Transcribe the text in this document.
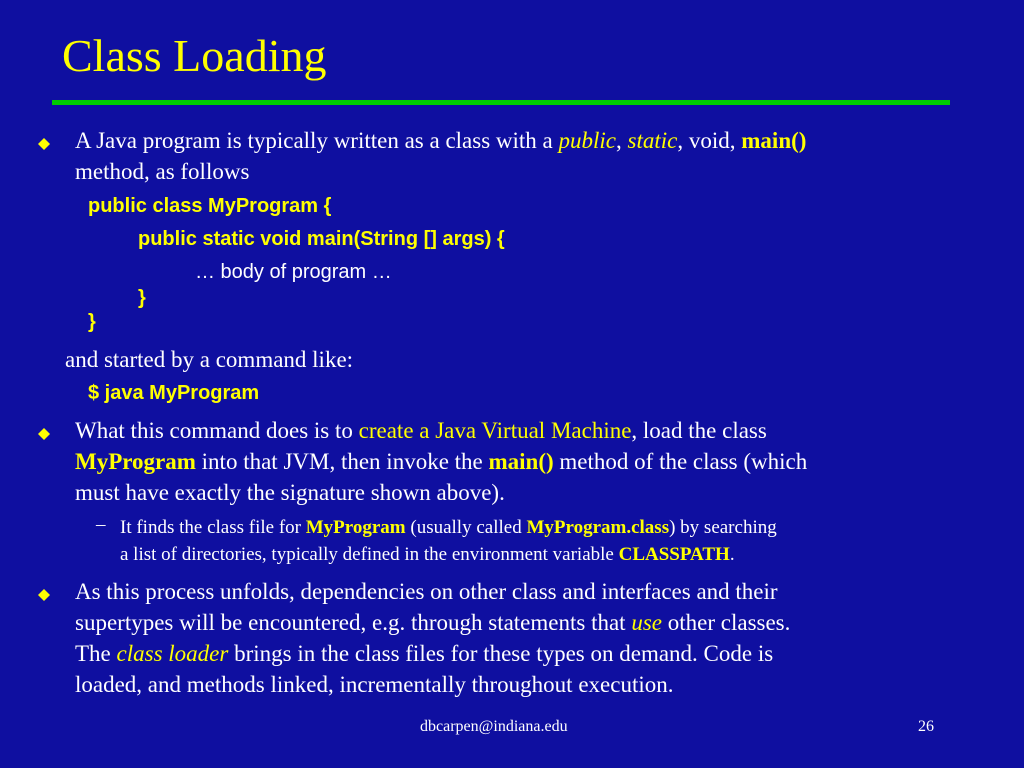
Class Loading
A Java program is typically written as a class with a public, static, void, main()
method, as follows
public class MyProgram {
public static void main(String [] args) {
… body of program …
}
}
and started by a command like:
$ java MyProgram
What this command does is to create a Java Virtual Machine, load the class
MyProgram into that JVM, then invoke the main() method of the class (which
must have exactly the signature shown above).
– It finds the class file for MyProgram (usually called MyProgram.class) by searching
a list of directories, typically defined in the environment variable CLASSPATH.
As this process unfolds, dependencies on other class and interfaces and their
supertypes will be encountered, e.g. through statements that use other classes.
The class loader brings in the class files for these types on demand. Code is
loaded, and methods linked, incrementally throughout execution.
dbcarpen@indiana.edu	26
